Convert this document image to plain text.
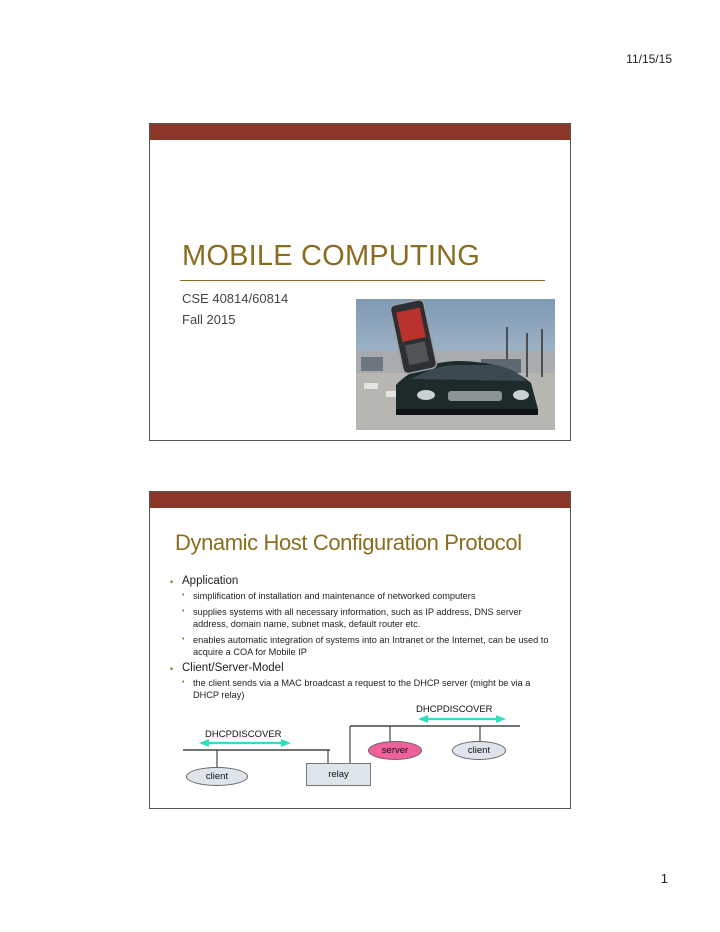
11/15/15
MOBILE COMPUTING
CSE 40814/60814
Fall 2015
Dynamic Host Configuration Protocol
• Application
• simplification of installation and maintenance of networked computers
• supplies systems with all necessary information, such as IP address, DNS server address, domain name, subnet mask, default router etc.
• enables automatic integration of systems into an Intranet or the Internet, can be used to acquire a COA for Mobile IP
• Client/Server-Model
• the client sends via a MAC broadcast a request to the DHCP server (might be via a DHCP relay)
DHCPDISCOVER
DHCPDISCOVER
server	client
client	relay
1
